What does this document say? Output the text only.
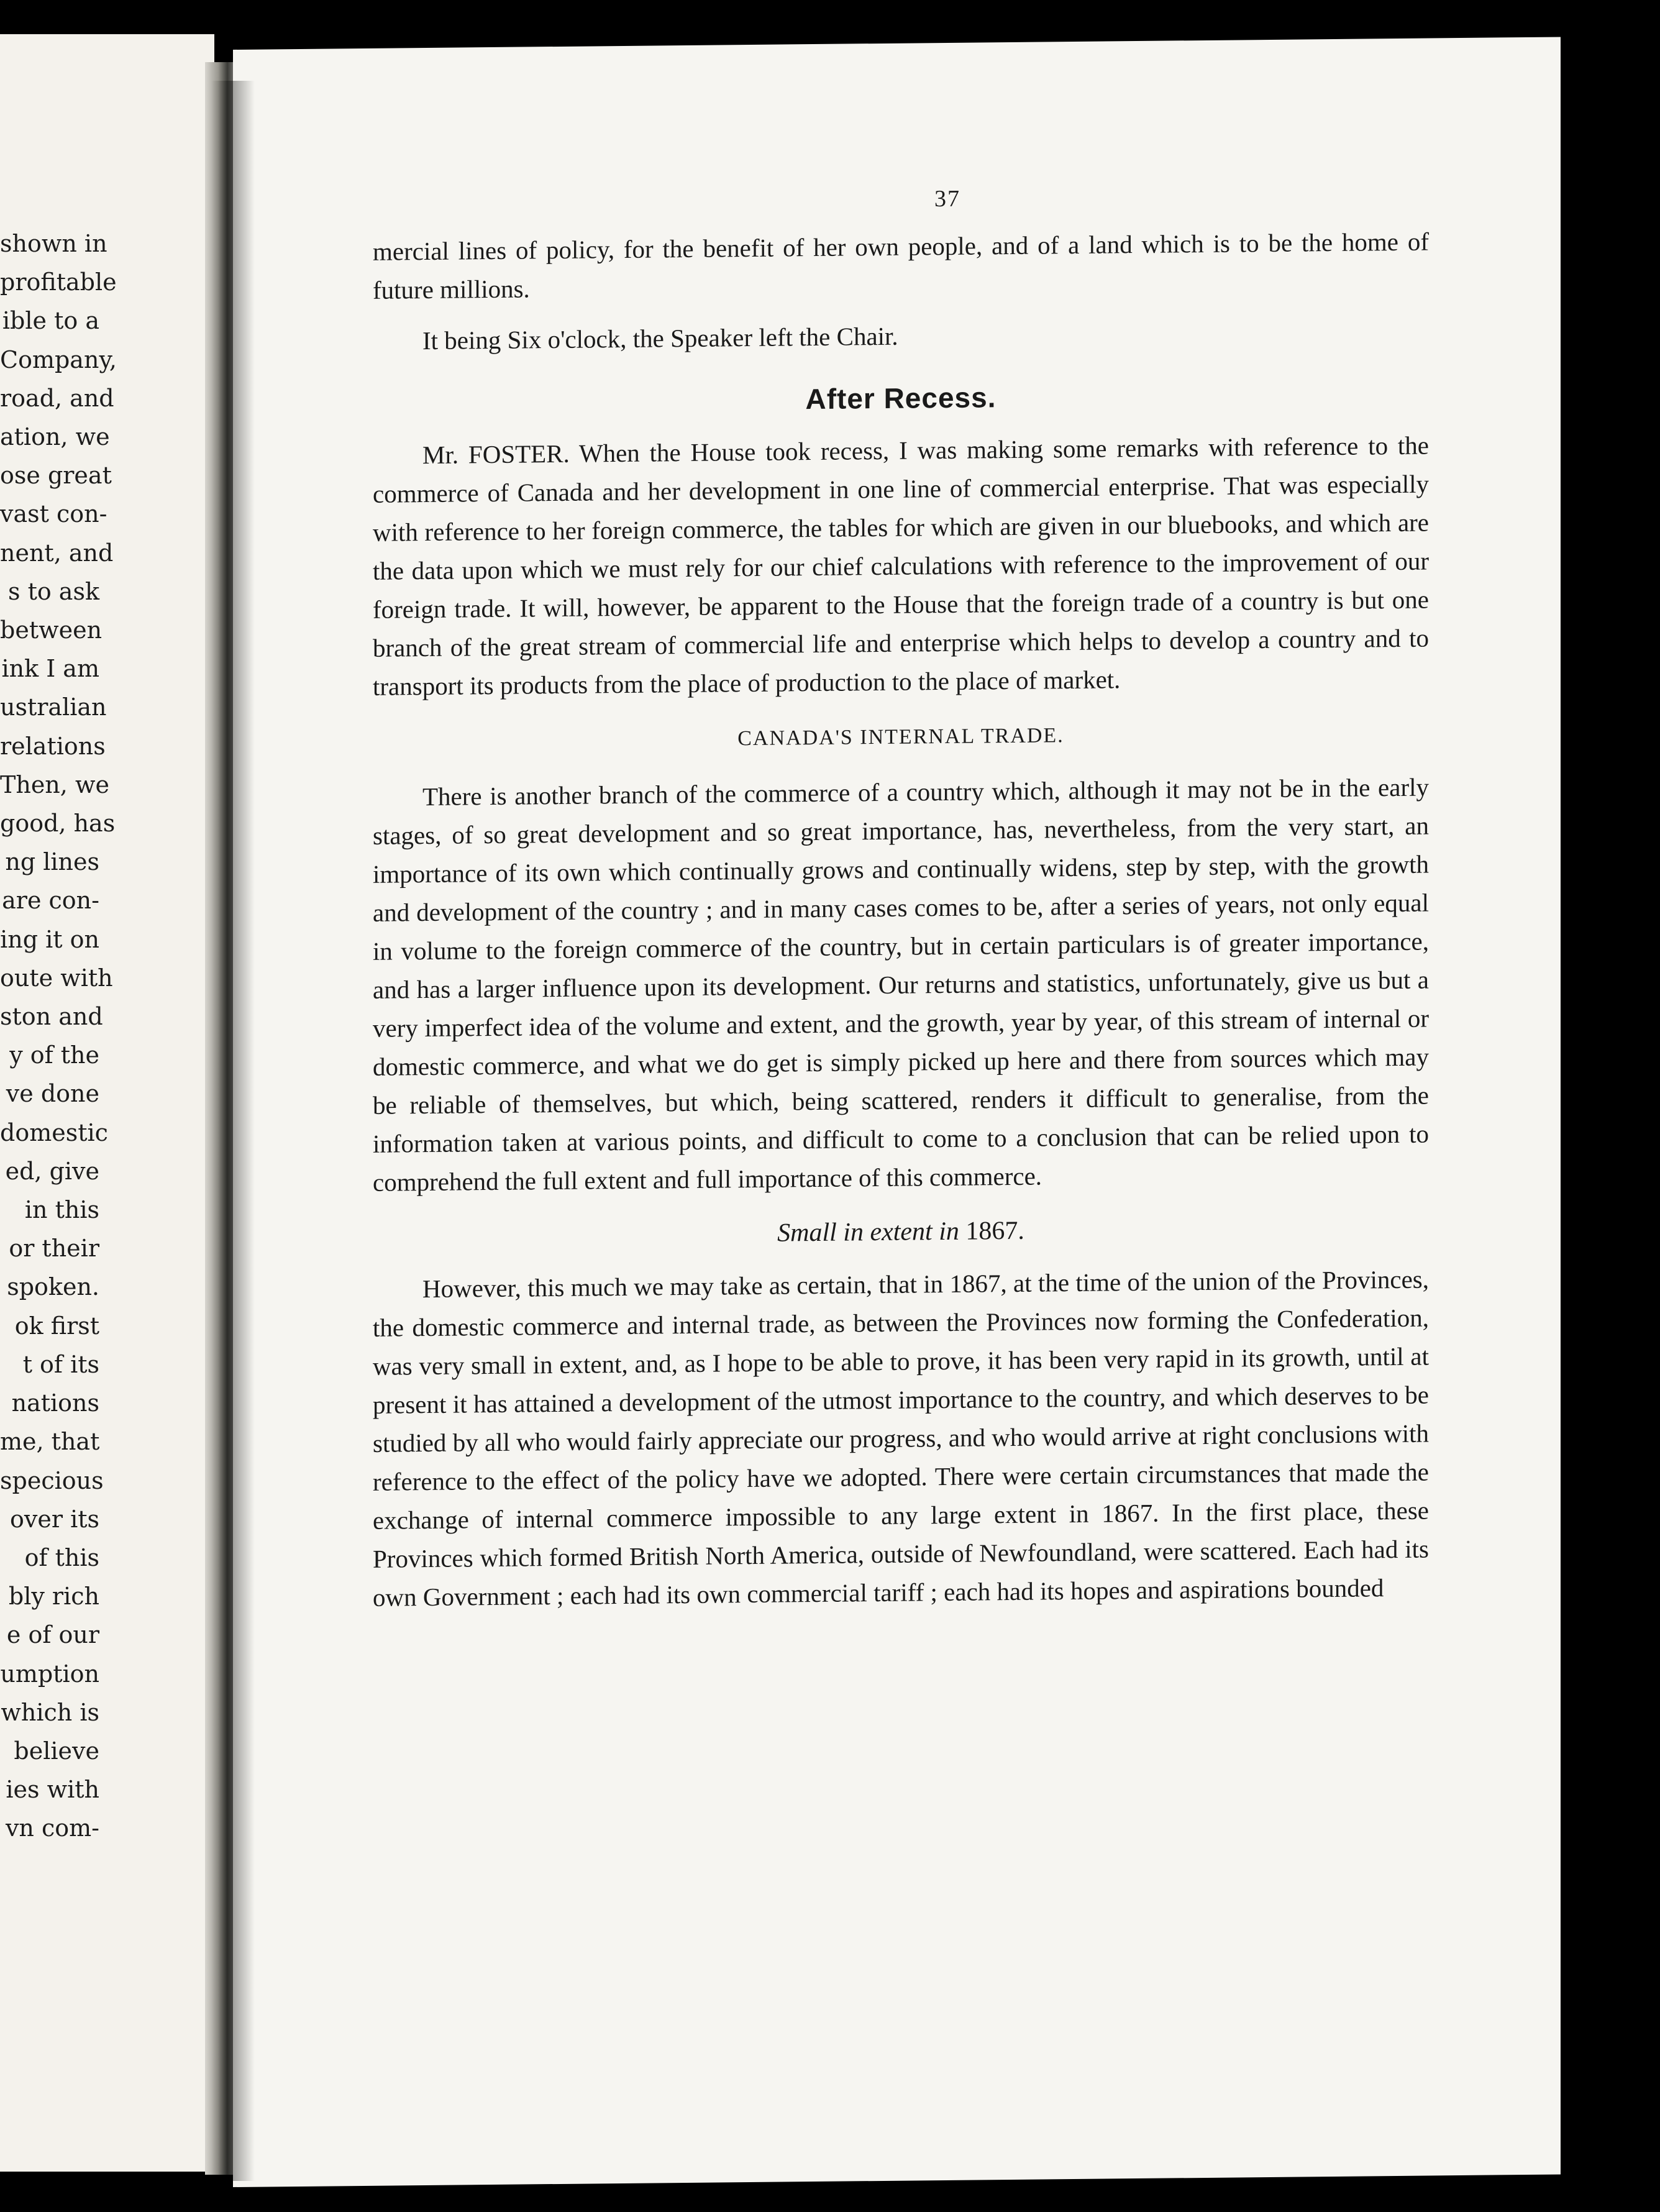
shown in
profitable
ible to a
Company,
road, and
ation, we
ose great
vast con-
nent, and
s to ask
between
ink I am
ustralian
relations
Then, we
good, has
ng lines
are con-
ing it on
oute with
ston and
y of the
ve done
domestic
ed, give
in this
or their
spoken.
ok first
t of its
nations
me, that
specious
over its
of this
bly rich
e of our
umption
which is
believe
ies with
vn com-
37

mercial lines of policy, for the benefit of her own people, and of a land which is to be the home of future millions.

It being Six o'clock, the Speaker left the Chair.

After Recess.

Mr. FOSTER. When the House took recess, I was making some remarks with reference to the commerce of Canada and her development in one line of commercial enterprise. That was especially with reference to her foreign commerce, the tables for which are given in our bluebooks, and which are the data upon which we must rely for our chief calculations with reference to the improvement of our foreign trade. It will, however, be apparent to the House that the foreign trade of a country is but one branch of the great stream of commercial life and enterprise which helps to develop a country and to transport its products from the place of production to the place of market.

CANADA'S INTERNAL TRADE.

There is another branch of the commerce of a country which, although it may not be in the early stages, of so great development and so great importance, has, nevertheless, from the very start, an importance of its own which continually grows and continually widens, step by step, with the growth and development of the country ; and in many cases comes to be, after a series of years, not only equal in volume to the foreign commerce of the country, but in certain particulars is of greater importance, and has a larger influence upon its development. Our returns and statistics, unfortunately, give us but a very imperfect idea of the volume and extent, and the growth, year by year, of this stream of internal or domestic commerce, and what we do get is simply picked up here and there from sources which may be reliable of themselves, but which, being scattered, renders it difficult to generalise, from the information taken at various points, and difficult to come to a conclusion that can be relied upon to comprehend the full extent and full importance of this commerce.

Small in extent in 1867.

However, this much we may take as certain, that in 1867, at the time of the union of the Provinces, the domestic commerce and internal trade, as between the Provinces now forming the Confederation, was very small in extent, and, as I hope to be able to prove, it has been very rapid in its growth, until at present it has attained a development of the utmost importance to the country, and which deserves to be studied by all who would fairly appreciate our progress, and who would arrive at right conclusions with reference to the effect of the policy have we adopted. There were certain circumstances that made the exchange of internal commerce impossible to any large extent in 1867. In the first place, these Provinces which formed British North America, outside of Newfoundland, were scattered. Each had its own Government ; each had its own commercial tariff ; each had its hopes and aspirations bounded
